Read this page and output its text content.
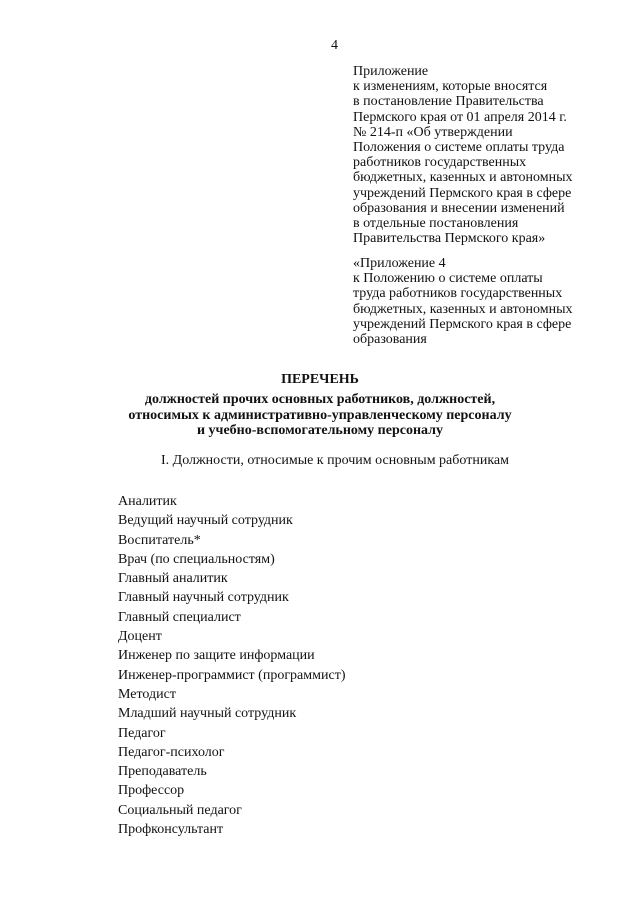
4
Приложение
к изменениям, которые вносятся
в постановление Правительства
Пермского края от 01 апреля 2014 г.
№ 214-п «Об утверждении
Положения о системе оплаты труда
работников государственных
бюджетных, казенных и автономных
учреждений Пермского края в сфере
образования и внесении изменений
в отдельные постановления
Правительства Пермского края»
«Приложение 4
к Положению о системе оплаты
труда работников государственных
бюджетных, казенных и автономных
учреждений Пермского края в сфере
образования
ПЕРЕЧЕНЬ
должностей прочих основных работников, должностей,
относимых к административно-управленческому персоналу
и учебно-вспомогательному персоналу
I. Должности, относимые к прочим основным работникам
Аналитик
Ведущий научный сотрудник
Воспитатель*
Врач (по специальностям)
Главный аналитик
Главный научный сотрудник
Главный специалист
Доцент
Инженер по защите информации
Инженер-программист (программист)
Методист
Младший научный сотрудник
Педагог
Педагог-психолог
Преподаватель
Профессор
Социальный педагог
Профконсультант
